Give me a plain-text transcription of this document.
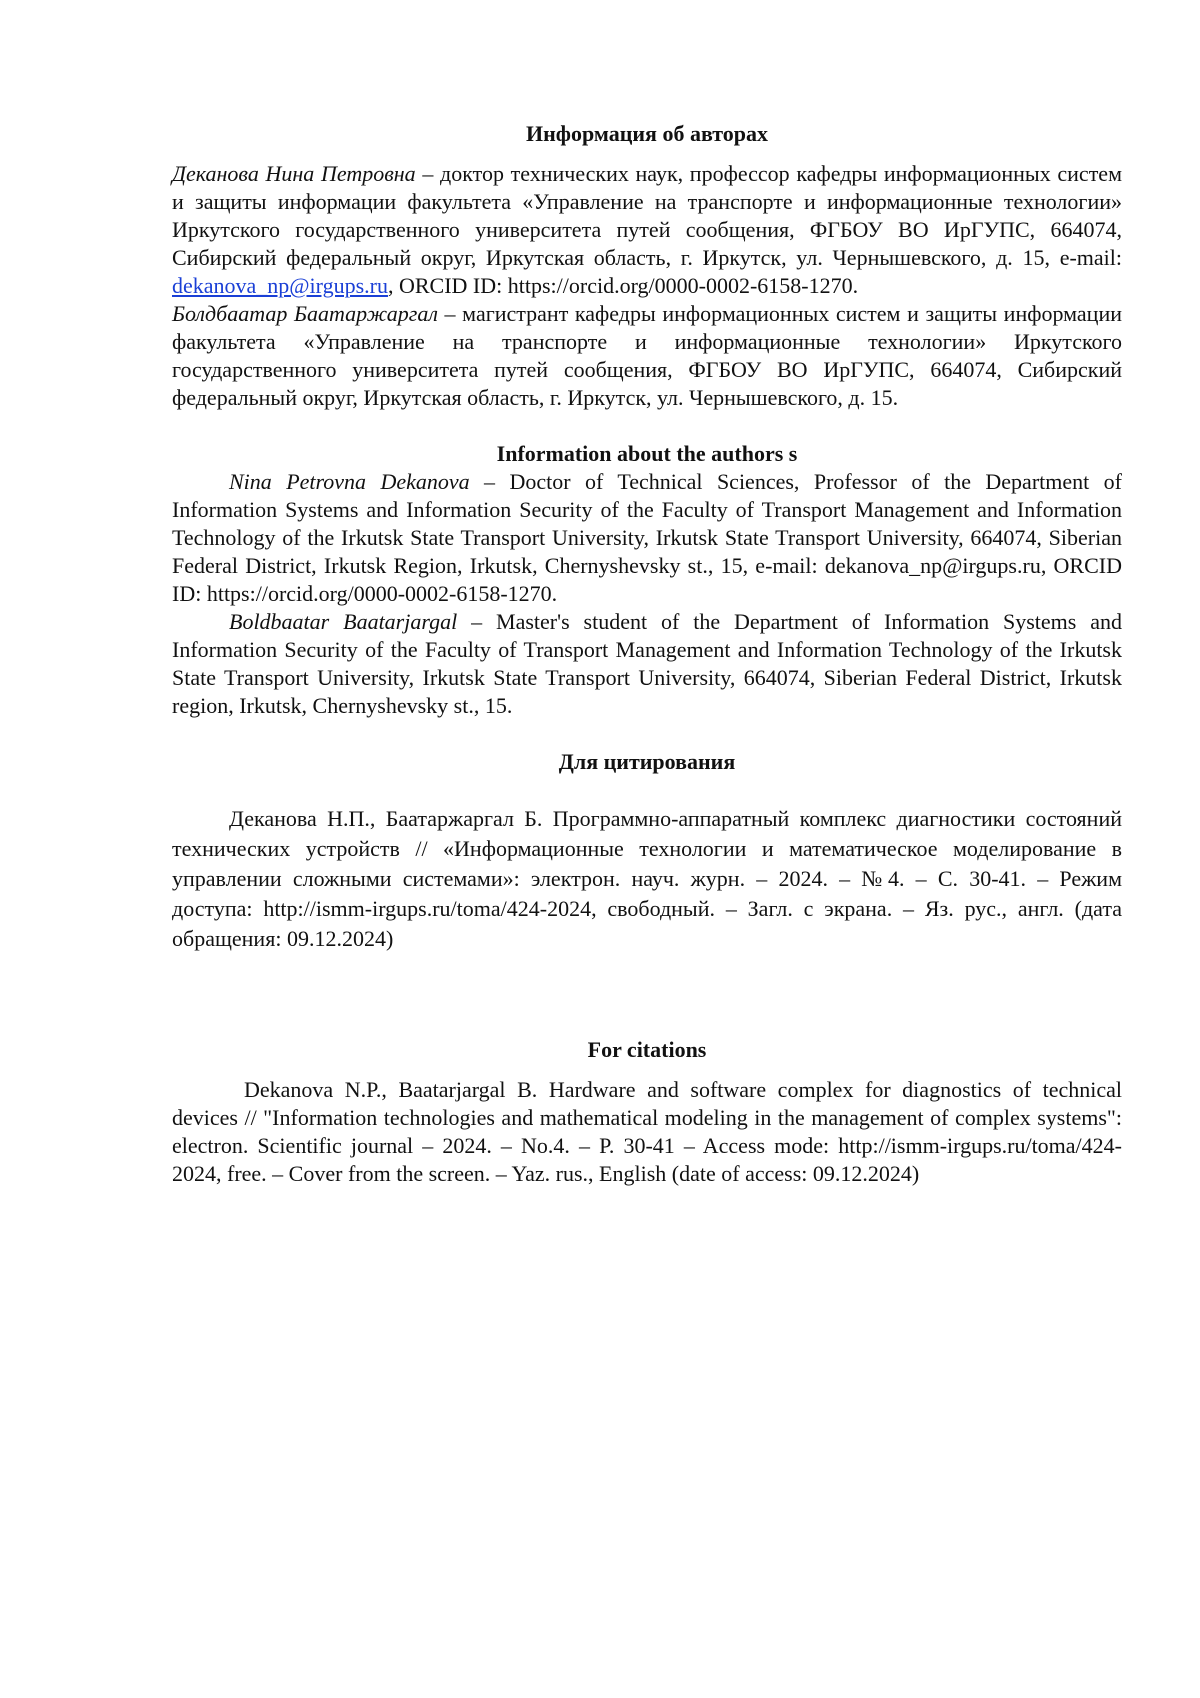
Информация об авторах

Деканова Нина Петровна – доктор технических наук, профессор кафедры информационных систем и защиты информации факультета «Управление на транспорте и информационные технологии» Иркутского государственного университета путей сообщения, ФГБОУ ВО ИрГУПС, 664074, Сибирский федеральный округ, Иркутская область, г. Иркутск, ул. Чернышевского, д. 15, e-mail: dekanova_np@irgups.ru, ORCID ID: https://orcid.org/0000-0002-6158-1270.

Болдбаатар Баатаржаргал – магистрант кафедры информационных систем и защиты информации факультета «Управление на транспорте и информационные технологии» Иркутского государственного университета путей сообщения, ФГБОУ ВО ИрГУПС, 664074, Сибирский федеральный округ, Иркутская область, г. Иркутск, ул. Чернышевского, д. 15.

Information about the authors s

Nina Petrovna Dekanova – Doctor of Technical Sciences, Professor of the Department of Information Systems and Information Security of the Faculty of Transport Management and Information Technology of the Irkutsk State Transport University, Irkutsk State Transport University, 664074, Siberian Federal District, Irkutsk Region, Irkutsk, Chernyshevsky st., 15, e-mail: dekanova_np@irgups.ru, ORCID ID: https://orcid.org/0000-0002-6158-1270.

Boldbaatar Baatarjargal – Master's student of the Department of Information Systems and Information Security of the Faculty of Transport Management and Information Technology of the Irkutsk State Transport University, Irkutsk State Transport University, 664074, Siberian Federal District, Irkutsk region, Irkutsk, Chernyshevsky st., 15.

Для цитирования

Деканова Н.П., Баатаржаргал Б. Программно-аппаратный комплекс диагностики состояний технических устройств // «Информационные технологии и математическое моделирование в управлении сложными системами»: электрон. науч. журн. – 2024. – №4. – С. 30-41. – Режим доступа: http://ismm-irgups.ru/toma/424-2024, свободный. – Загл. с экрана. – Яз. рус., англ. (дата обращения: 09.12.2024)

For citations

Dekanova N.P., Baatarjargal B. Hardware and software complex for diagnostics of technical devices // "Information technologies and mathematical modeling in the management of complex systems": electron. Scientific journal – 2024. – No.4. – P. 30-41 – Access mode: http://ismm-irgups.ru/toma/424-2024, free. – Cover from the screen. – Yaz. rus., English (date of access: 09.12.2024)
